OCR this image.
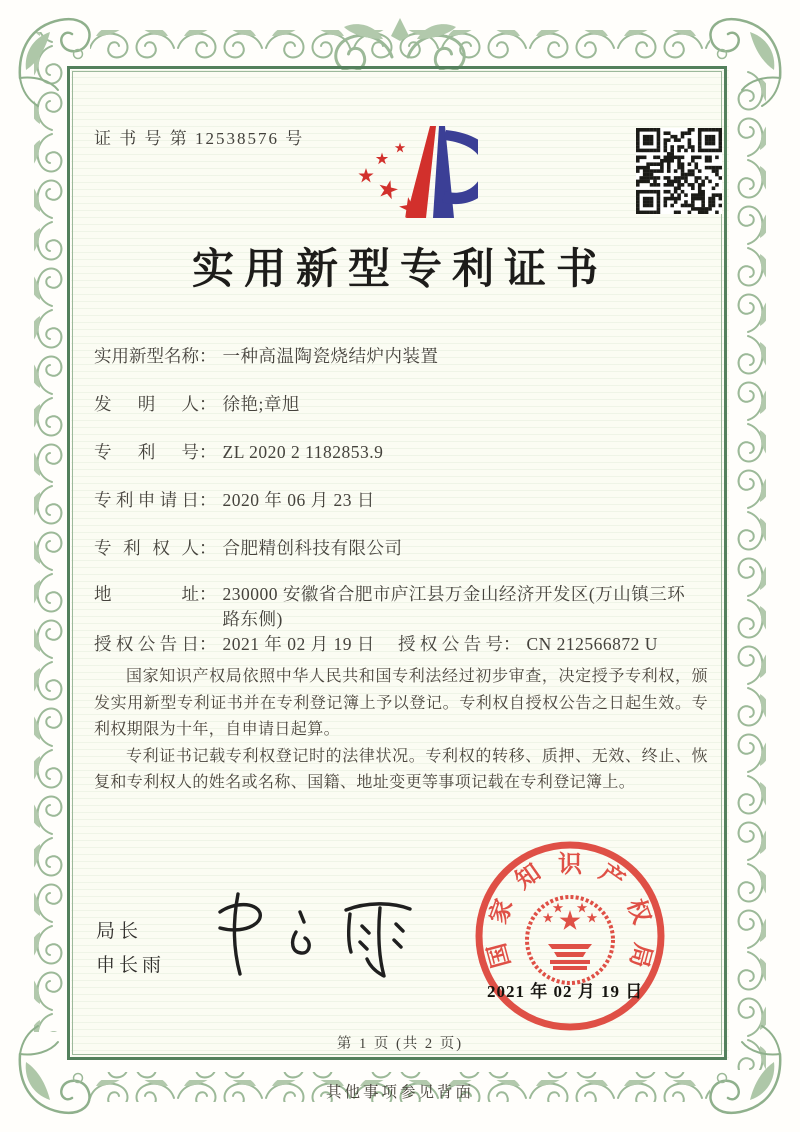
证 书 号 第 12538576 号
实用新型专利证书
实用新型名称： 一种高温陶瓷烧结炉内装置
发明人： 徐艳;章旭
专利号： ZL 2020 2 1182853.9
专利申请日： 2020 年 06 月 23 日
专利权人： 合肥精创科技有限公司
地址： 230000 安徽省合肥市庐江县万金山经济开发区(万山镇三环路东侧)
授权公告日： 2021 年 02 月 19 日 授权公告号： CN 212566872 U

国家知识产权局依照中华人民共和国专利法经过初步审查，决定授予专利权，颁发实用新型专利证书并在专利登记簿上予以登记。专利权自授权公告之日起生效。专利权期限为十年，自申请日起算。

专利证书记载专利权登记时的法律状况。专利权的转移、质押、无效、终止、恢复和专利权人的姓名或名称、国籍、地址变更等事项记载在专利登记簿上。

局长
申长雨	国
家
知 识 产
权
局
2021 年 02 月 19 日
第 1 页 (共 2 页)
其他事项参见背面
